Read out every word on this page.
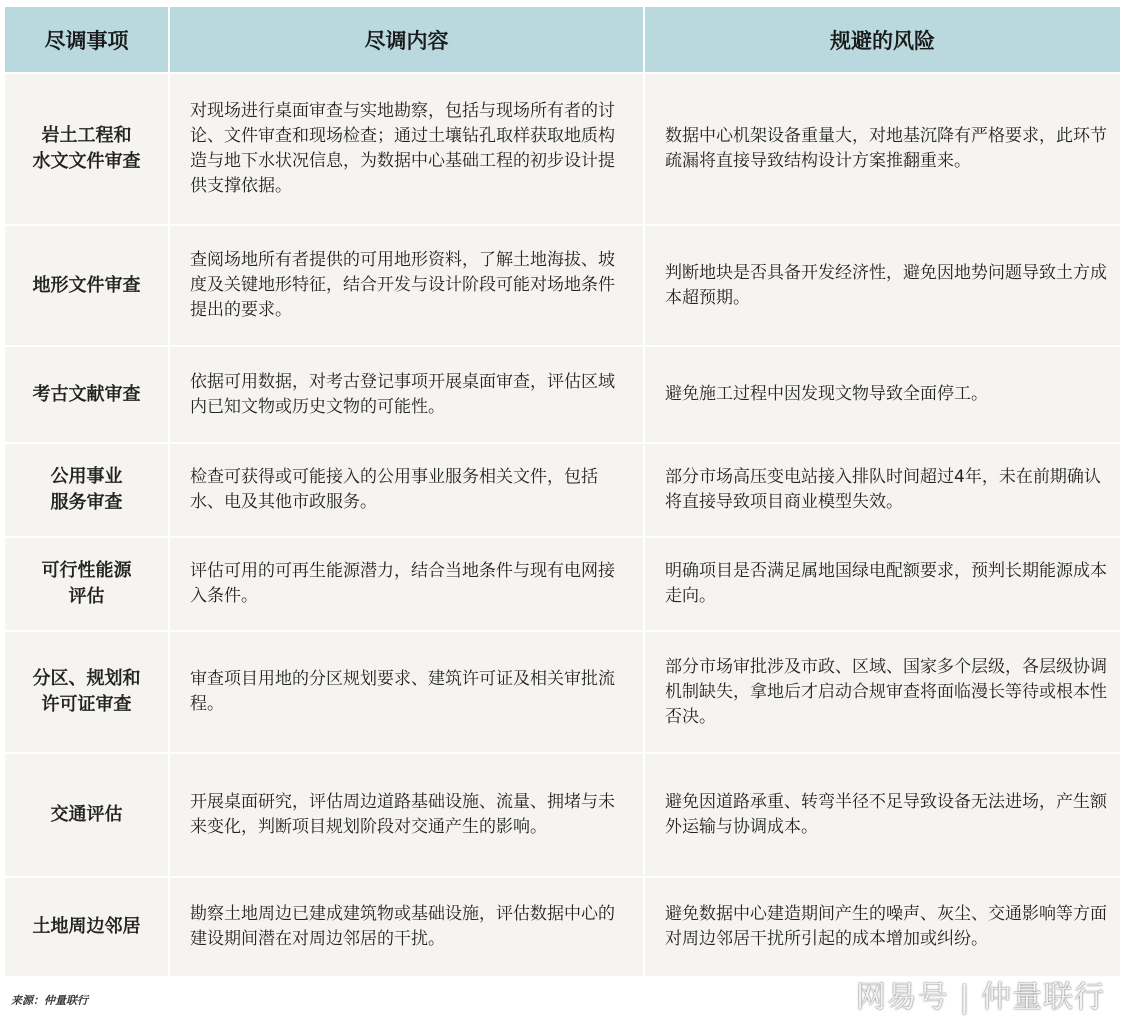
尽调事项	尽调内容	规避的风险
岩土工程和
水文文件审查	对现场进行桌面审查与实地勘察，包括与现场所有者的讨论、文件审查和现场检查；通过土壤钻孔取样获取地质构造与地下水状况信息，为数据中心基础工程的初步设计提供支撑依据。	数据中心机架设备重量大，对地基沉降有严格要求，此环节疏漏将直接导致结构设计方案推翻重来。
地形文件审查	查阅场地所有者提供的可用地形资料，了解土地海拔、坡度及关键地形特征，结合开发与设计阶段可能对场地条件提出的要求。	判断地块是否具备开发经济性，避免因地势问题导致土方成本超预期。
考古文献审查	依据可用数据，对考古登记事项开展桌面审查，评估区域内已知文物或历史文物的可能性。	避免施工过程中因发现文物导致全面停工。
公用事业
服务审查	检查可获得或可能接入的公用事业服务相关文件，包括水、电及其他市政服务。	部分市场高压变电站接入排队时间超过4年，未在前期确认将直接导致项目商业模型失效。
可行性能源
评估	评估可用的可再生能源潜力，结合当地条件与现有电网接入条件。	明确项目是否满足属地国绿电配额要求，预判长期能源成本走向。
分区、规划和
许可证审查	审查项目用地的分区规划要求、建筑许可证及相关审批流程。	部分市场审批涉及市政、区域、国家多个层级，各层级协调机制缺失，拿地后才启动合规审查将面临漫长等待或根本性否决。
交通评估	开展桌面研究，评估周边道路基础设施、流量、拥堵与未来变化，判断项目规划阶段对交通产生的影响。	避免因道路承重、转弯半径不足导致设备无法进场，产生额外运输与协调成本。
土地周边邻居	勘察土地周边已建成建筑物或基础设施，评估数据中心的建设期间潜在对周边邻居的干扰。	避免数据中心建造期间产生的噪声、灰尘、交通影响等方面对周边邻居干扰所引起的成本增加或纠纷。
来源：仲量联行	网易号 | 仲量联行
